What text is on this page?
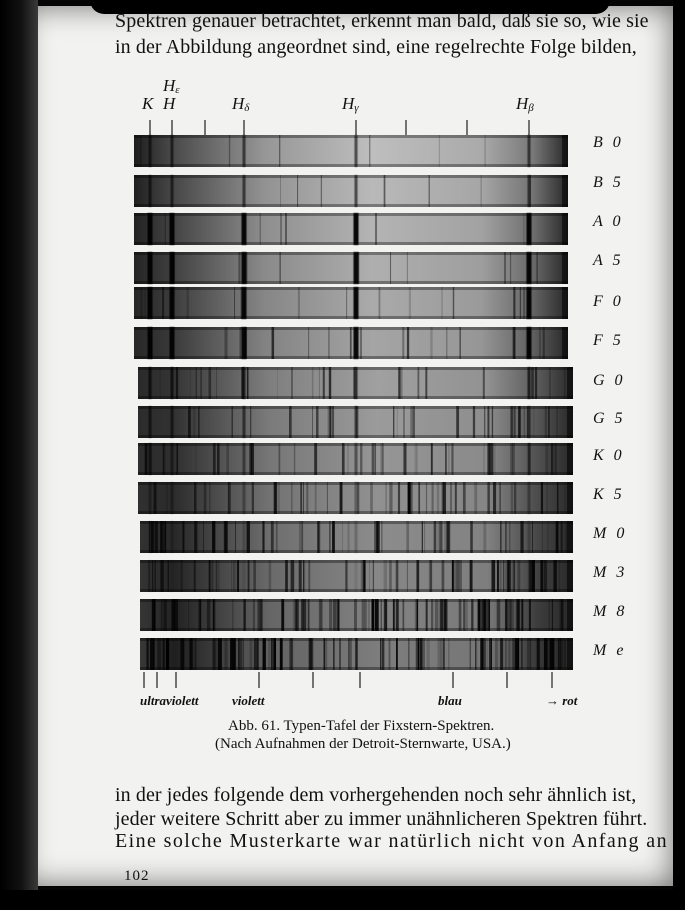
Spektren genauer betrachtet, erkennt man bald, daß sie so, wie sie
in der Abbildung angeordnet sind, eine regelrechte Folge bilden,
K H
Hε
Hδ	Hγ	Hβ
B 0
B 5
A 0
A 5
F 0
F 5
G 0
G 5
K 0
K 5
M 0
M 3
M 8
M e
ultraviolett	violett	blau	→ rot
Abb. 61. Typen-Tafel der Fixstern-Spektren.
(Nach Aufnahmen der Detroit-Sternwarte, USA.)
in der jedes folgende dem vorhergehenden noch sehr ähnlich ist,
jeder weitere Schritt aber zu immer unähnlicheren Spektren führt.
Eine solche Musterkarte war natürlich nicht von Anfang an
102
